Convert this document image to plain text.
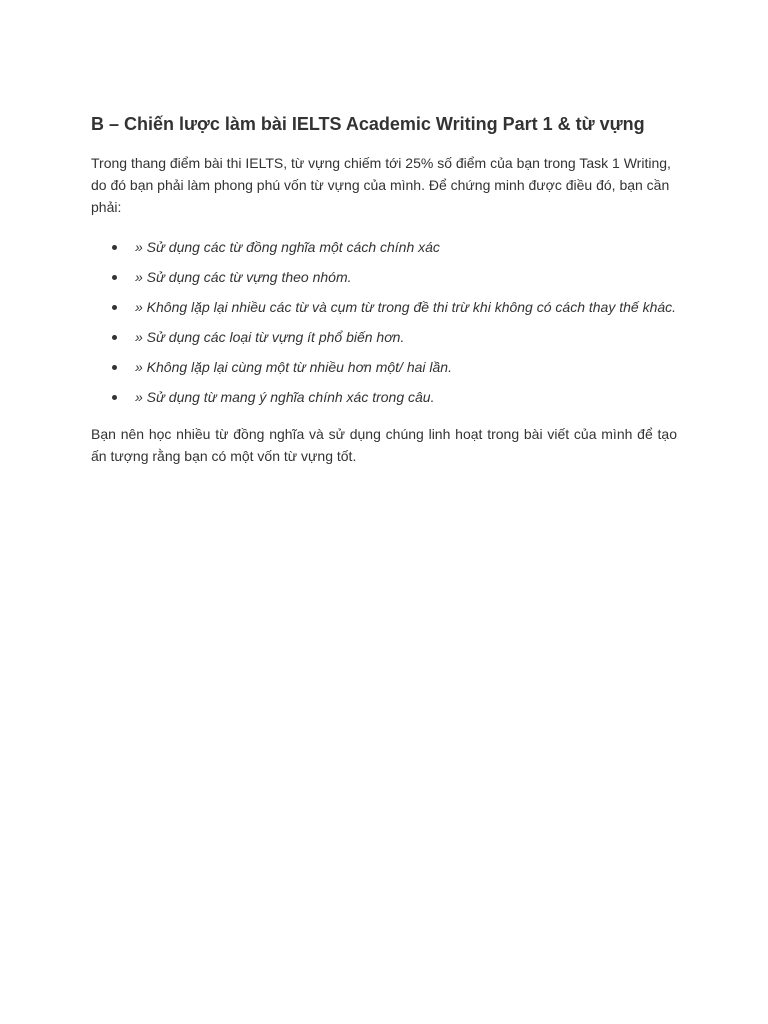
B – Chiến lược làm bài IELTS Academic Writing Part 1 & từ vựng

Trong thang điểm bài thi IELTS, từ vựng chiếm tới 25% số điểm của bạn trong Task 1 Writing, do đó bạn phải làm phong phú vốn từ vựng của mình. Để chứng minh được điều đó, bạn cần phải:

» Sử dụng các từ đồng nghĩa một cách chính xác
» Sử dụng các từ vựng theo nhóm.
» Không lặp lại nhiều các từ và cụm từ trong đề thi trừ khi không có cách thay thế khác.
» Sử dụng các loại từ vựng ít phổ biến hơn.
» Không lặp lại cùng một từ nhiều hơn một/ hai lần.
» Sử dụng từ mang ý nghĩa chính xác trong câu.

Bạn nên học nhiều từ đồng nghĩa và sử dụng chúng linh hoạt trong bài viết của mình để tạo ấn tượng rằng bạn có một vốn từ vựng tốt.
